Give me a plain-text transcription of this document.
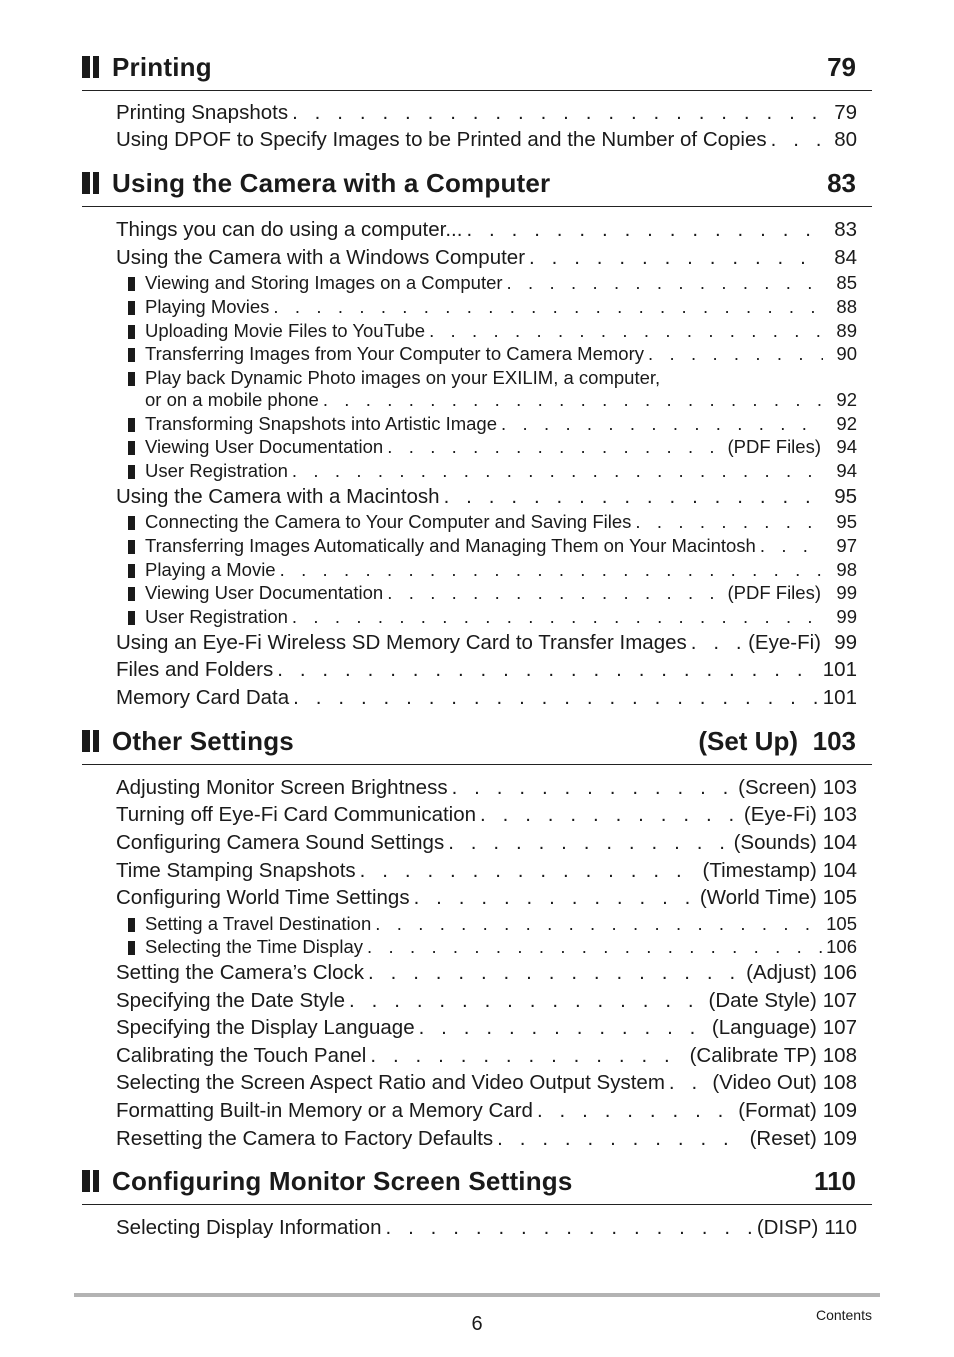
Printing	79
Printing Snapshots . . .	79
Using DPOF to Specify Images to be Printed and the Number of Copies . . .	80
Using the Camera with a Computer	83
Things you can do using a computer... . . .	83
Using the Camera with a Windows Computer . . .	84
Viewing and Storing Images on a Computer . . .	85
Playing Movies . . .	88
Uploading Movie Files to YouTube . . .	89
Transferring Images from Your Computer to Camera Memory . . .	90
Play back Dynamic Photo images on your EXILIM, a computer,
or on a mobile phone . . .	92
Transforming Snapshots into Artistic Image . . .	92
Viewing User Documentation . . .	(PDF Files) 94
User Registration . . .	94
Using the Camera with a Macintosh . . .	95
Connecting the Camera to Your Computer and Saving Files . . .	95
Transferring Images Automatically and Managing Them on Your Macintosh . . .	97
Playing a Movie . . .	98
Viewing User Documentation . . .	(PDF Files) 99
User Registration . . .	99
Using an Eye-Fi Wireless SD Memory Card to Transfer Images . . .	(Eye-Fi) 99
Files and Folders . . .	101
Memory Card Data . . .	101
Other Settings	(Set Up) 103
Adjusting Monitor Screen Brightness . . .	(Screen) 103
Turning off Eye-Fi Card Communication . . .	(Eye-Fi) 103
Configuring Camera Sound Settings . . .	(Sounds) 104
Time Stamping Snapshots . . .	(Timestamp) 104
Configuring World Time Settings . . .	(World Time) 105
Setting a Travel Destination . . .	105
Selecting the Time Display . . .	106
Setting the Camera’s Clock . . .	(Adjust) 106
Specifying the Date Style . . .	(Date Style) 107
Specifying the Display Language . . .	(Language) 107
Calibrating the Touch Panel . . .	(Calibrate TP) 108
Selecting the Screen Aspect Ratio and Video Output System . . . (Video Out) 108
Formatting Built-in Memory or a Memory Card . . .	(Format) 109
Resetting the Camera to Factory Defaults . . .	(Reset) 109
Configuring Monitor Screen Settings	110
Selecting Display Information . . .	(DISP) 110
6	Contents
